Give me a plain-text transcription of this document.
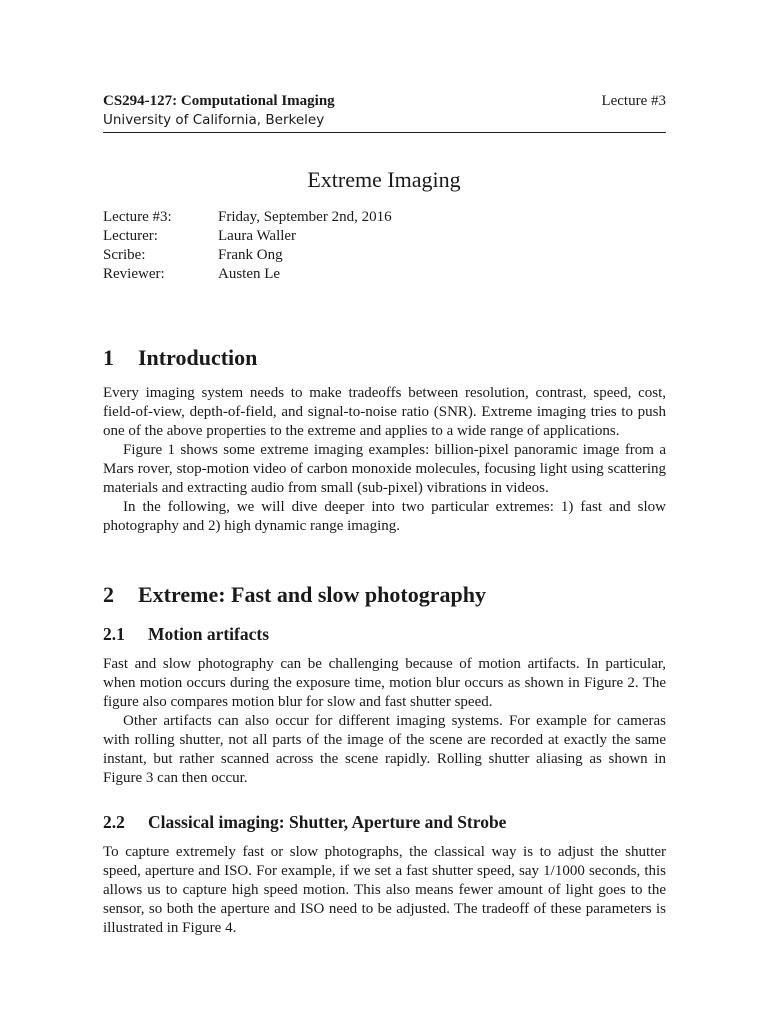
CS294-127: Computational Imaging	Lecture #3
University of California, Berkeley
Extreme Imaging
Lecture #3:	Friday, September 2nd, 2016
Lecturer:	Laura Waller
Scribe:	Frank Ong
Reviewer:	Austen Le
1 Introduction

Every imaging system needs to make tradeoffs between resolution, contrast, speed, cost, field-of-view, depth-of-field, and signal-to-noise ratio (SNR). Extreme imaging tries to push one of the above properties to the extreme and applies to a wide range of applications.

Figure 1 shows some extreme imaging examples: billion-pixel panoramic image from a Mars rover, stop-motion video of carbon monoxide molecules, focusing light using scattering materials and extracting audio from small (sub-pixel) vibrations in videos.

In the following, we will dive deeper into two particular extremes: 1) fast and slow photography and 2) high dynamic range imaging.

2 Extreme: Fast and slow photography
2.1 Motion artifacts

Fast and slow photography can be challenging because of motion artifacts. In particular, when motion occurs during the exposure time, motion blur occurs as shown in Figure 2. The figure also compares motion blur for slow and fast shutter speed.

Other artifacts can also occur for different imaging systems. For example for cameras with rolling shutter, not all parts of the image of the scene are recorded at exactly the same instant, but rather scanned across the scene rapidly. Rolling shutter aliasing as shown in Figure 3 can then occur.

2.2 Classical imaging: Shutter, Aperture and Strobe

To capture extremely fast or slow photographs, the classical way is to adjust the shutter speed, aperture and ISO. For example, if we set a fast shutter speed, say 1/1000 seconds, this allows us to capture high speed motion. This also means fewer amount of light goes to the sensor, so both the aperture and ISO need to be adjusted. The tradeoff of these parameters is illustrated in Figure 4.
